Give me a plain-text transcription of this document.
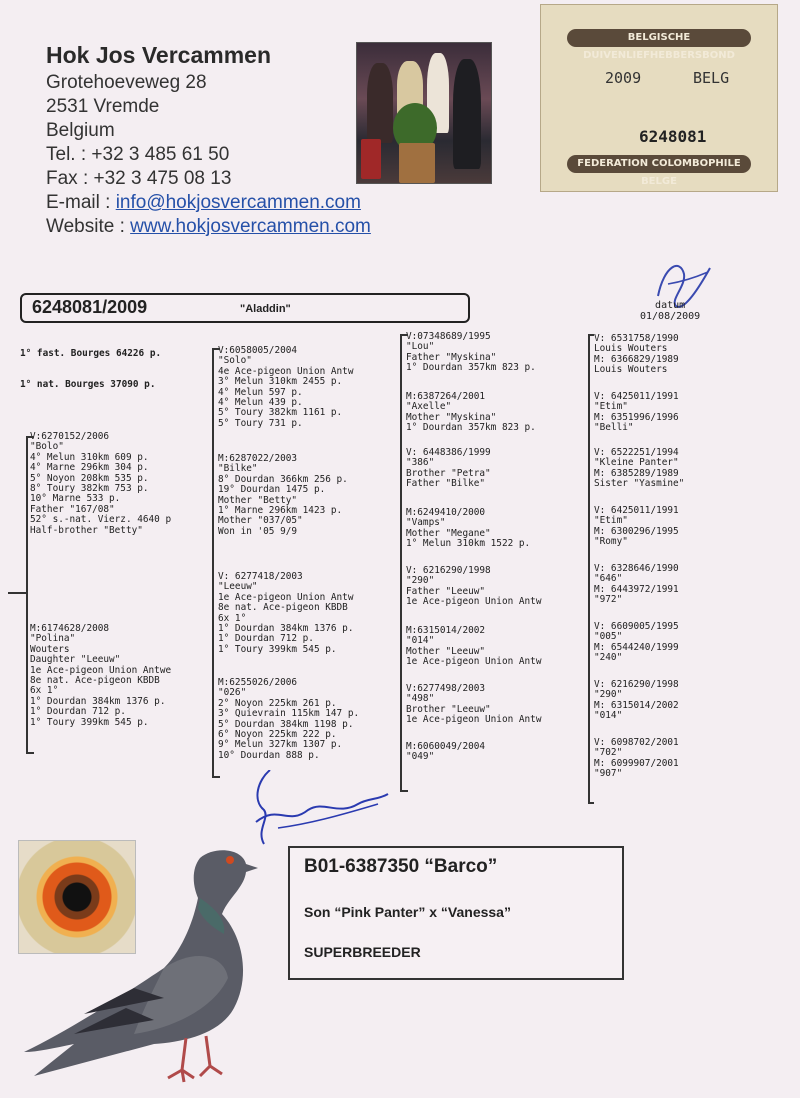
Hok Jos Vercammen
Grotehoeveweg 28
2531 Vremde
Belgium
Tel. : +32 3 485 61 50
Fax : +32 3 475 08 13
E-mail : info@hokjosvercammen.com
Website : www.hokjosvercammen.com
BELGISCHE DUIVENLIEFHEBBERSBOND
2009	BELG
6248081
FEDERATION COLOMBOPHILE BELGE
6248081/2009	"Aladdin"	datum
01/08/2009

1° fast. Bourges 64226 p.

1° nat. Bourges 37090 p.

V:6270152/2006
"Bolo"
4° Melun 310km 609 p.
4° Marne 296km 304 p.
5° Noyon 208km 535 p.
8° Toury 382km 753 p.
10° Marne 533 p.
Father "167/08"
52° s.-nat. Vierz. 4640 p
Half-brother "Betty"
M:6174628/2008
"Polina"
Wouters
Daughter "Leeuw"
1e Ace-pigeon Union Antwe
8e nat. Ace-pigeon KBDB
6x 1°
1° Dourdan 384km 1376 p.
1° Dourdan 712 p.
1° Toury 399km 545 p.
V:6058005/2004
"Solo"
4e Ace-pigeon Union Antw
3° Melun 310km 2455 p.
4° Melun 597 p.
4° Melun 439 p.
5° Toury 382km 1161 p.
5° Toury 731 p.
M:6287022/2003
"Bilke"
8° Dourdan 366km 256 p.
19° Dourdan 1475 p.
Mother "Betty"
1° Marne 296km 1423 p.
Mother "037/05"
Won in '05 9/9
V: 6277418/2003
"Leeuw"
1e Ace-pigeon Union Antw
8e nat. Ace-pigeon KBDB
6x 1°
1° Dourdan 384km 1376 p.
1° Dourdan 712 p.
1° Toury 399km 545 p.
M:6255026/2006
"026"
2° Noyon 225km 261 p.
3° Quievrain 115km 147 p.
5° Dourdan 384km 1198 p.
6° Noyon 225km 222 p.
9° Melun 327km 1307 p.
10° Dourdan 888 p.
V:07348689/1995
"Lou"
Father "Myskina"
1° Dourdan 357km 823 p.
M:6387264/2001
"Axelle"
Mother "Myskina"
1° Dourdan 357km 823 p.
V: 6448386/1999
"386"
Brother "Petra"
Father "Bilke"
M:6249410/2000
"Vamps"
Mother "Megane"
1° Melun 310km 1522 p.
V: 6216290/1998
"290"
Father "Leeuw"
1e Ace-pigeon Union Antw
M:6315014/2002
"014"
Mother "Leeuw"
1e Ace-pigeon Union Antw
V:6277498/2003
"498"
Brother "Leeuw"
1e Ace-pigeon Union Antw
M:6060049/2004
"049"
V: 6531758/1990
Louis Wouters
M: 6366829/1989
Louis Wouters
V: 6425011/1991
"Etim"
M: 6351996/1996
"Belli"
V: 6522251/1994
"Kleine Panter"
M: 6385289/1989
Sister "Yasmine"
V: 6425011/1991
"Etim"
M: 6300296/1995
"Romy"
V: 6328646/1990
"646"
M: 6443972/1991
"972"
V: 6609005/1995
"005"
M: 6544240/1999
"240"
V: 6216290/1998
"290"
M: 6315014/2002
"014"
V: 6098702/2001
"702"
M: 6099907/2001
"907"
B01-6387350 “Barco”
Son “Pink Panter” x “Vanessa”
SUPERBREEDER
